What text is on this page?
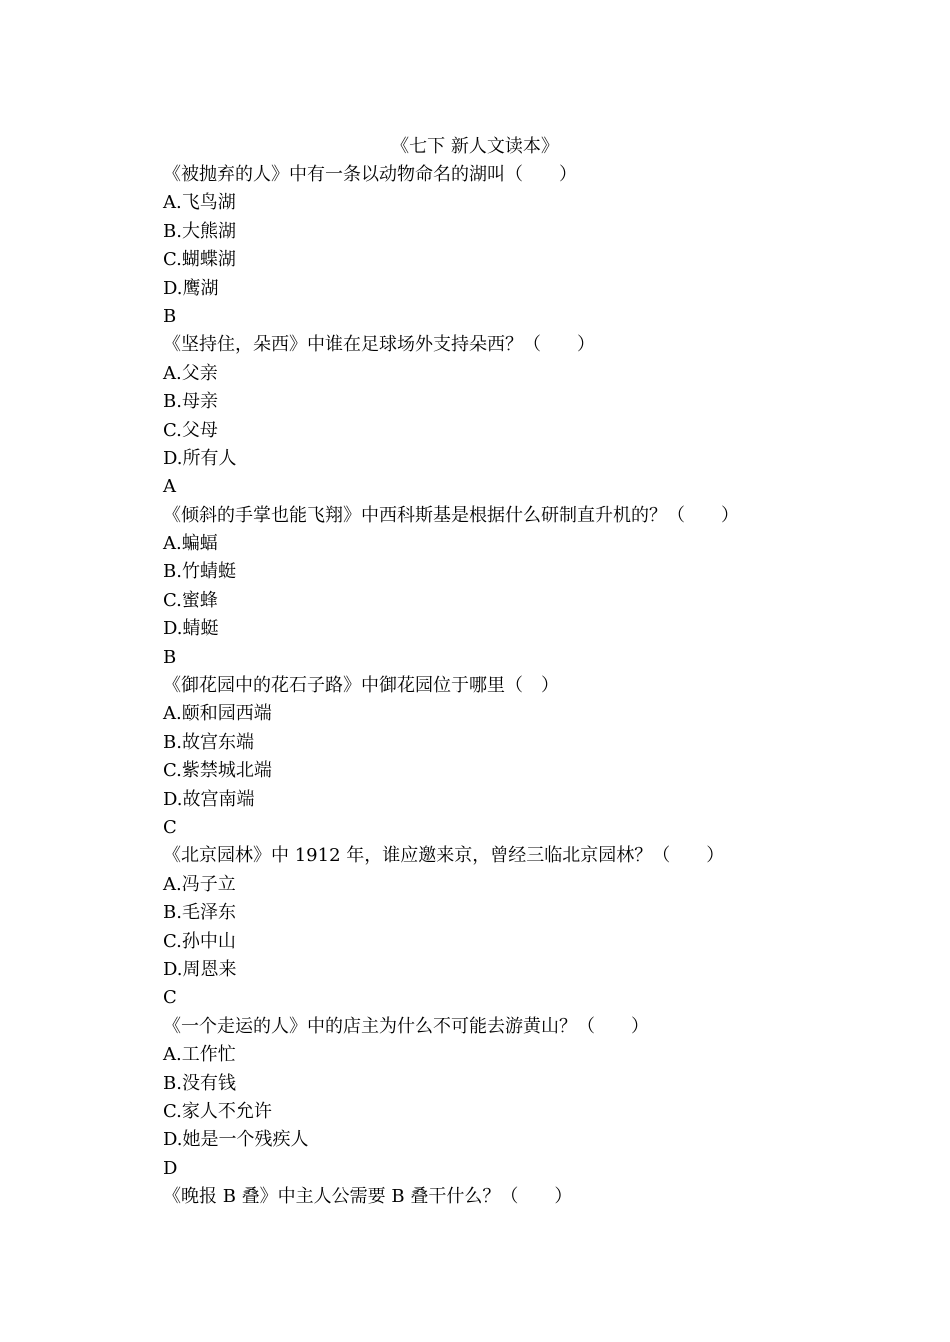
《七下 新人文读本》
《被抛弃的人》中有一条以动物命名的湖叫（　　）
A.飞鸟湖
B.大熊湖
C.蝴蝶湖
D.鹰湖
B
《坚持住，朵西》中谁在足球场外支持朵西？（　　）
A.父亲
B.母亲
C.父母
D.所有人
A
《倾斜的手掌也能飞翔》中西科斯基是根据什么研制直升机的？（　　）
A.蝙蝠
B.竹蜻蜓
C.蜜蜂
D.蜻蜓
B
《御花园中的花石子路》中御花园位于哪里（　）
A.颐和园西端
B.故宫东端
C.紫禁城北端
D.故宫南端
C
《北京园林》中 1912 年，谁应邀来京，曾经三临北京园林？（　　）
A.冯子立
B.毛泽东
C.孙中山
D.周恩来
C
《一个走运的人》中的店主为什么不可能去游黄山？（　　）
A.工作忙
B.没有钱
C.家人不允许
D.她是一个残疾人
D
《晚报 B 叠》中主人公需要 B 叠干什么？（　　）
